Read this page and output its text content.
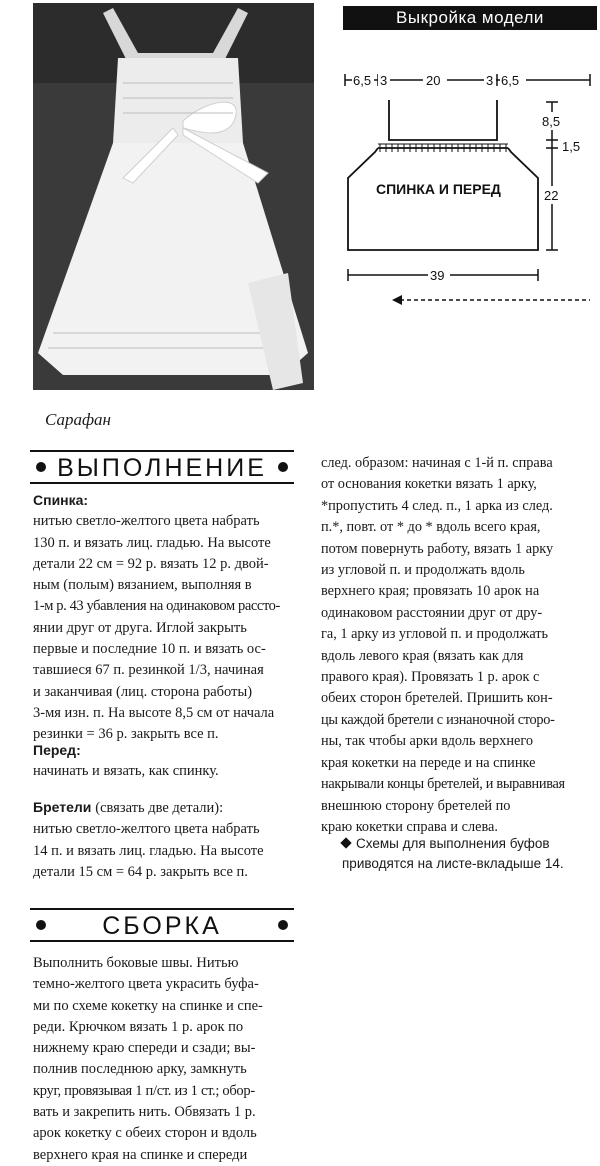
Сарафан
Выкройка модели
6,5 3	20	3 6,5
СПИНКА И ПЕРЕД
8,5
1,5
22
39
ВЫПОЛНЕНИЕ

Спинка:

нитью светло-желтого цвета набрать

130 п. и вязать лиц. гладью. На высоте

детали 22 см = 92 р. вязать 12 р. двой-

ным (полым) вязанием, выполняя в

1-м р. 43 убавления на одинаковом рассто-

янии друг от друга. Иглой закрыть

первые и последние 10 п. и вязать ос-

тавшиеся 67 п. резинкой 1/3, начиная

и заканчивая (лиц. сторона работы)

3-мя изн. п. На высоте 8,5 см от начала

резинки = 36 р. закрыть все п.

Перед:

начинать и вязать, как спинку.

Бретели (связать две детали):

нитью светло-желтого цвета набрать

14 п. и вязать лиц. гладью. На высоте

детали 15 см = 64 р. закрыть все п.

СБОРКА

Выполнить боковые швы. Нитью

темно-желтого цвета украсить буфа-

ми по схеме кокетку на спинке и спе-

реди. Крючком вязать 1 р. арок по

нижнему краю спереди и сзади; вы-

полнив последнюю арку, замкнуть

круг, провязывая 1 п/ст. из 1 ст.; обор-

вать и закрепить нить. Обвязать 1 р.

арок кокетку с обеих сторон и вдоль

верхнего края на спинке и спереди

след. образом: начиная с 1-й п. справа

от основания кокетки вязать 1 арку,

*пропустить 4 след. п., 1 арка из след.

п.*, повт. от * до * вдоль всего края,

потом повернуть работу, вязать 1 арку

из угловой п. и продолжать вдоль

верхнего края; провязать 10 арок на

одинаковом расстоянии друг от дру-

га, 1 арку из угловой п. и продолжать

вдоль левого края (вязать как для

правого края). Провязать 1 р. арок с

обеих сторон бретелей. Пришить кон-

цы каждой бретели с изнаночной сторо-

ны, так чтобы арки вдоль верхнего

края кокетки на переде и на спинке

накрывали концы бретелей, и выравнивая

внешнюю сторону бретелей по

краю кокетки справа и слева.

Схемы для выполнения буфов приводятся на листе-вкладыше 14.
